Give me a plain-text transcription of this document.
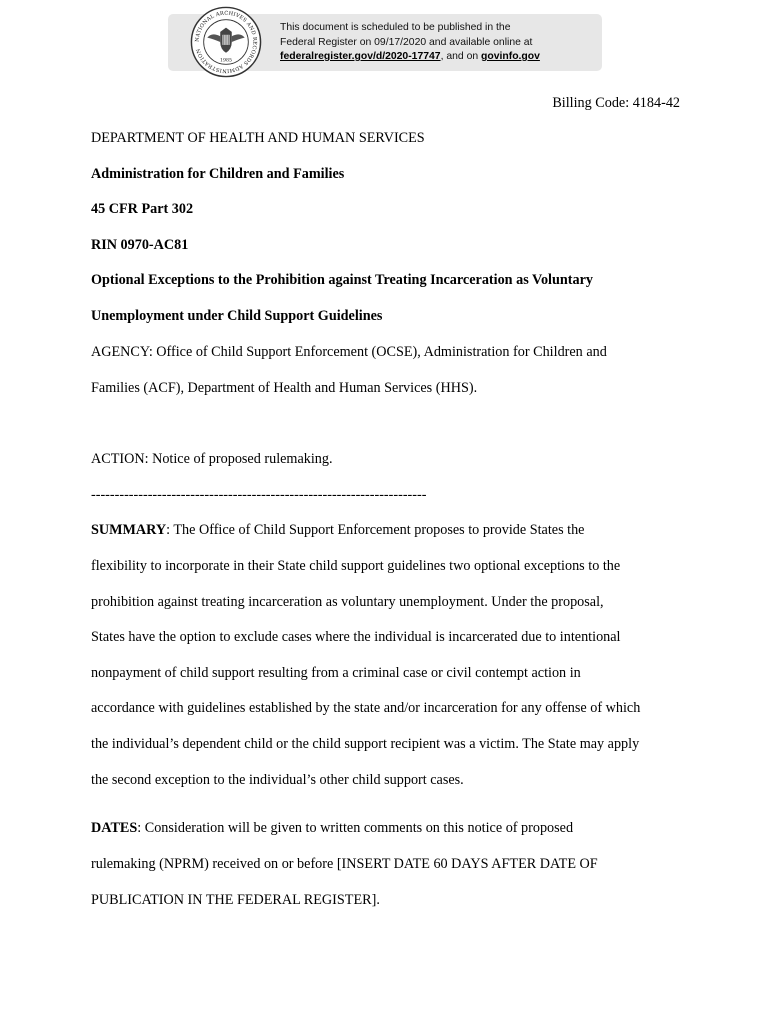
NATIONAL ARCHIVES AND RECORDS ADMINISTRATION
1985
This document is scheduled to be published in the
Federal Register on 09/17/2020 and available online at
federalregister.gov/d/2020-17747, and on govinfo.gov
Billing Code: 4184-42
DEPARTMENT OF HEALTH AND HUMAN SERVICES
Administration for Children and Families
45 CFR Part 302
RIN 0970-AC81
Optional Exceptions to the Prohibition against Treating Incarceration as Voluntary
Unemployment under Child Support Guidelines
AGENCY: Office of Child Support Enforcement (OCSE), Administration for Children and
Families (ACF), Department of Health and Human Services (HHS).
ACTION: Notice of proposed rulemaking.
-----------------------------------------------------------------------
SUMMARY: The Office of Child Support Enforcement proposes to provide States the
flexibility to incorporate in their State child support guidelines two optional exceptions to the
prohibition against treating incarceration as voluntary unemployment. Under the proposal,
States have the option to exclude cases where the individual is incarcerated due to intentional
nonpayment of child support resulting from a criminal case or civil contempt action in
accordance with guidelines established by the state and/or incarceration for any offense of which
the individual’s dependent child or the child support recipient was a victim. The State may apply
the second exception to the individual’s other child support cases.
DATES: Consideration will be given to written comments on this notice of proposed
rulemaking (NPRM) received on or before [INSERT DATE 60 DAYS AFTER DATE OF
PUBLICATION IN THE FEDERAL REGISTER].
